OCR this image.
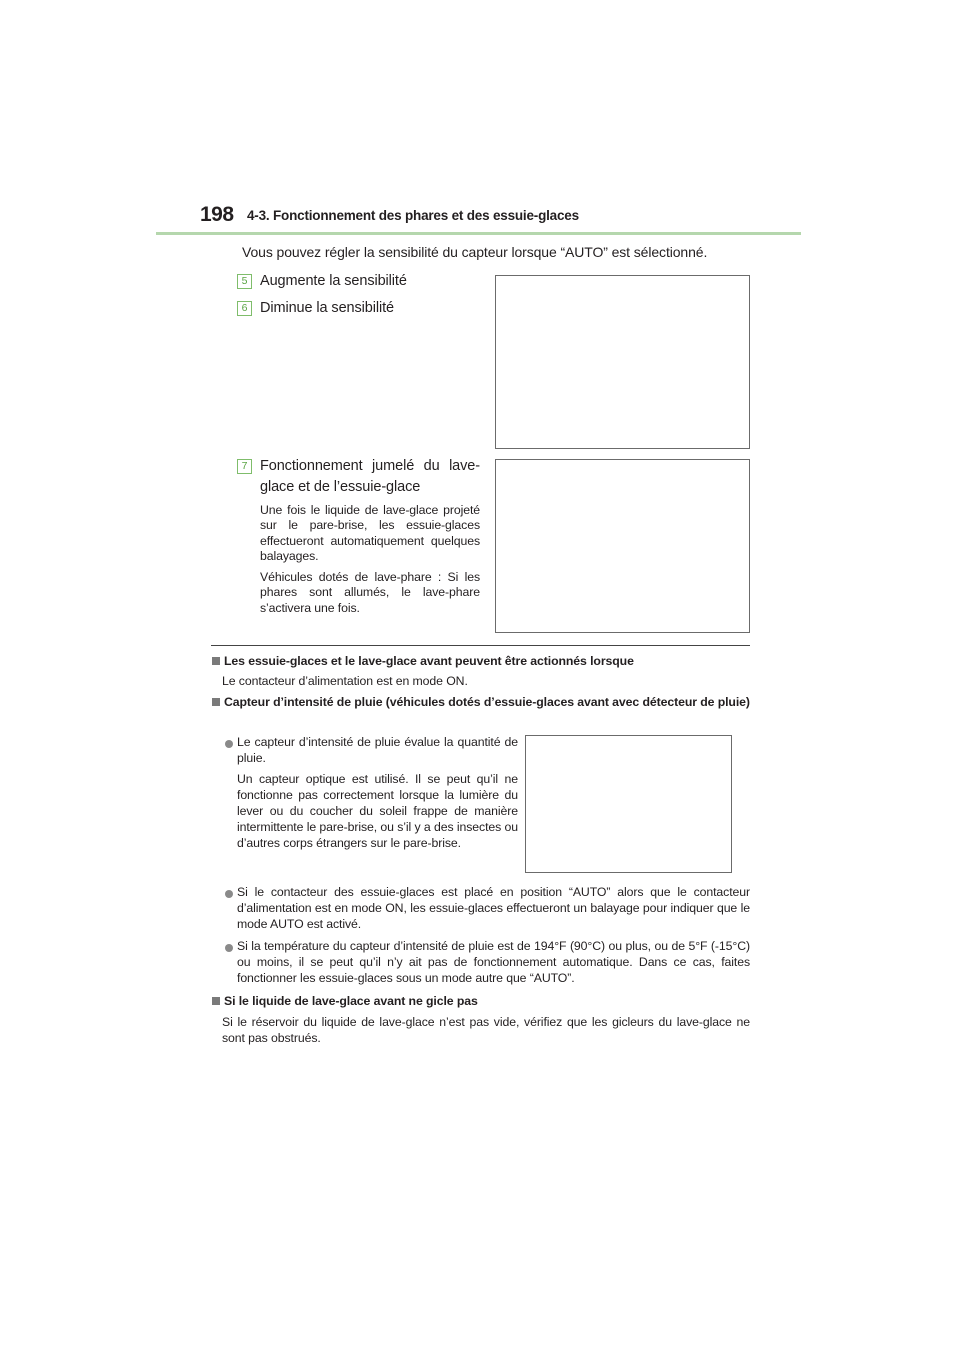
198 4-3. Fonctionnement des phares et des essuie-glaces
Vous pouvez régler la sensibilité du capteur lorsque “AUTO” est sélectionné.
5 Augmente la sensibilité
6 Diminue la sensibilité
7 Fonctionnement jumelé du lave-glace et de l’essuie-glace
Une fois le liquide de lave-glace projeté sur le pare-brise, les essuie-glaces effectueront automatiquement quelques balayages.
Véhicules dotés de lave-phare : Si les phares sont allumés, le lave-phare s’activera une fois.
Les essuie-glaces et le lave-glace avant peuvent être actionnés lorsque
Le contacteur d’alimentation est en mode ON.
Capteur d’intensité de pluie (véhicules dotés d’essuie-glaces avant avec détecteur de pluie)
Le capteur d’intensité de pluie évalue la quantité de pluie.
Un capteur optique est utilisé. Il se peut qu’il ne fonctionne pas correctement lorsque la lumière du lever ou du coucher du soleil frappe de manière intermittente le pare-brise, ou s’il y a des insectes ou d’autres corps étrangers sur le pare-brise.
Si le contacteur des essuie-glaces est placé en position “AUTO” alors que le contacteur d’alimentation est en mode ON, les essuie-glaces effectueront un balayage pour indiquer que le mode AUTO est activé.
Si la température du capteur d’intensité de pluie est de 194°F (90°C) ou plus, ou de 5°F (-15°C) ou moins, il se peut qu’il n’y ait pas de fonctionnement automatique. Dans ce cas, faites fonctionner les essuie-glaces sous un mode autre que “AUTO”.
Si le liquide de lave-glace avant ne gicle pas
Si le réservoir du liquide de lave-glace n’est pas vide, vérifiez que les gicleurs du lave-glace ne sont pas obstrués.
